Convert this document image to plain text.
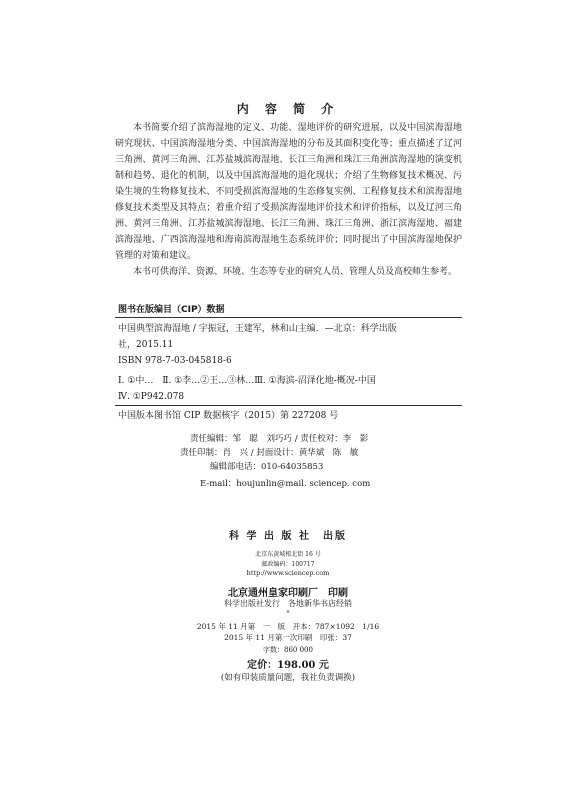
内 容 简 介

本书简要介绍了滨海湿地的定义、功能、湿地评价的研究进展，以及中国滨海湿地研究现状、中国滨海湿地分类、中国滨海湿地的分布及其面积变化等；重点描述了辽河三角洲、黄河三角洲、江苏盐城滨海湿地、长江三角洲和珠江三角洲滨海湿地的演变机制和趋势、退化的机制，以及中国滨海湿地的退化现状；介绍了生物修复技术概况、污染生境的生物修复技术、不同受损滨海湿地的生态修复实例、工程修复技术和滨海湿地修复技术类型及其特点；着重介绍了受损滨海湿地评价技术和评价指标，以及辽河三角洲、黄河三角洲、江苏盐城滨海湿地、长江三角洲、珠江三角洲、浙江滨海湿地、福建滨海湿地、广西滨海湿地和海南滨海湿地生态系统评价；同时提出了中国滨海湿地保护管理的对策和建议。

本书可供海洋、资源、环境、生态等专业的研究人员、管理人员及高校师生参考。

图书在版编目（CIP）数据
中国典型滨海湿地 / 宇振冠，王建军，林和山主编．—北京：科学出版
社，2015.11
ISBN 978-7-03-045818-6
Ⅰ. ①中…　Ⅱ. ①李…②王…③林…Ⅲ. ①海滨-沼泽化地-概况-中国
Ⅳ. ①P942.078
中国版本图书馆 CIP 数据核字（2015）第 227208 号
责任编辑：邹　聪　刘巧巧 / 责任校对：李　影
责任印制：肖　兴 / 封面设计：黄华斌　陈　敏
编辑部电话：010-64035853
E-mail：houjunlin@mail. sciencep. com
科 学 出 版 社　出版
北京东黄城根北街 16 号
邮政编码：100717
http://www.sciencep.com
北京通州皇家印刷厂　印刷
科学出版社发行　各地新华书店经销
*
2015 年 11 月第　一　版　开本：787×1092　1/16
2015 年 11 月第一次印刷　印张：37
字数：860 000
定价：198.00 元
(如有印装质量问题，我社负责调换)
